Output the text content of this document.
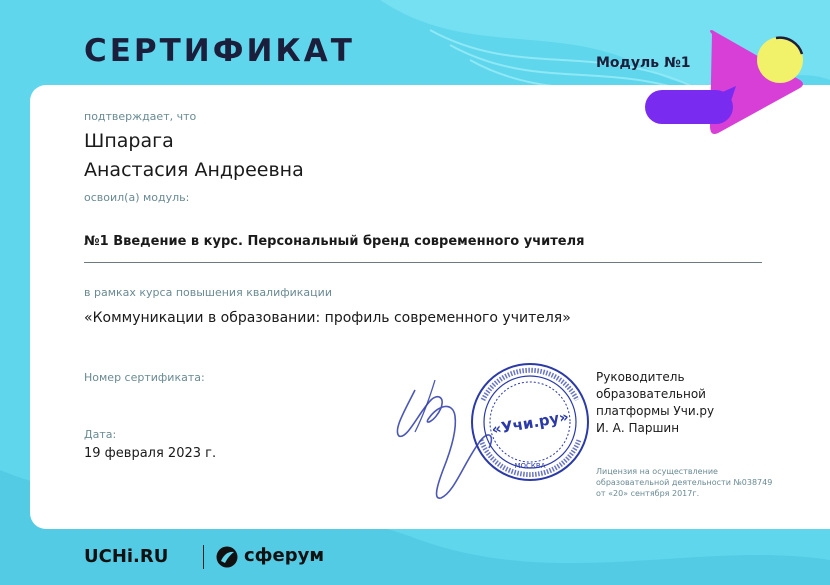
СЕРТИФИКАТ	Модуль №1
подтверждает, что
Шпарага
Анастасия Андреевна
освоил(а) модуль:
№1 Введение в курс. Персональный бренд современного учителя
в рамках курса повышения квалификации
«Коммуникации в образовании: профиль современного учителя»
Номер сертификата:
Дата:
19 февраля 2023 г.
«Учи.ру»
МОСКВА
Руководитель
образовательной
платформы Учи.ру
И. А. Паршин
Лицензия на осуществление
образовательной деятельности №038749
от «20» сентября 2017г.
UCHi.RU	сферум
